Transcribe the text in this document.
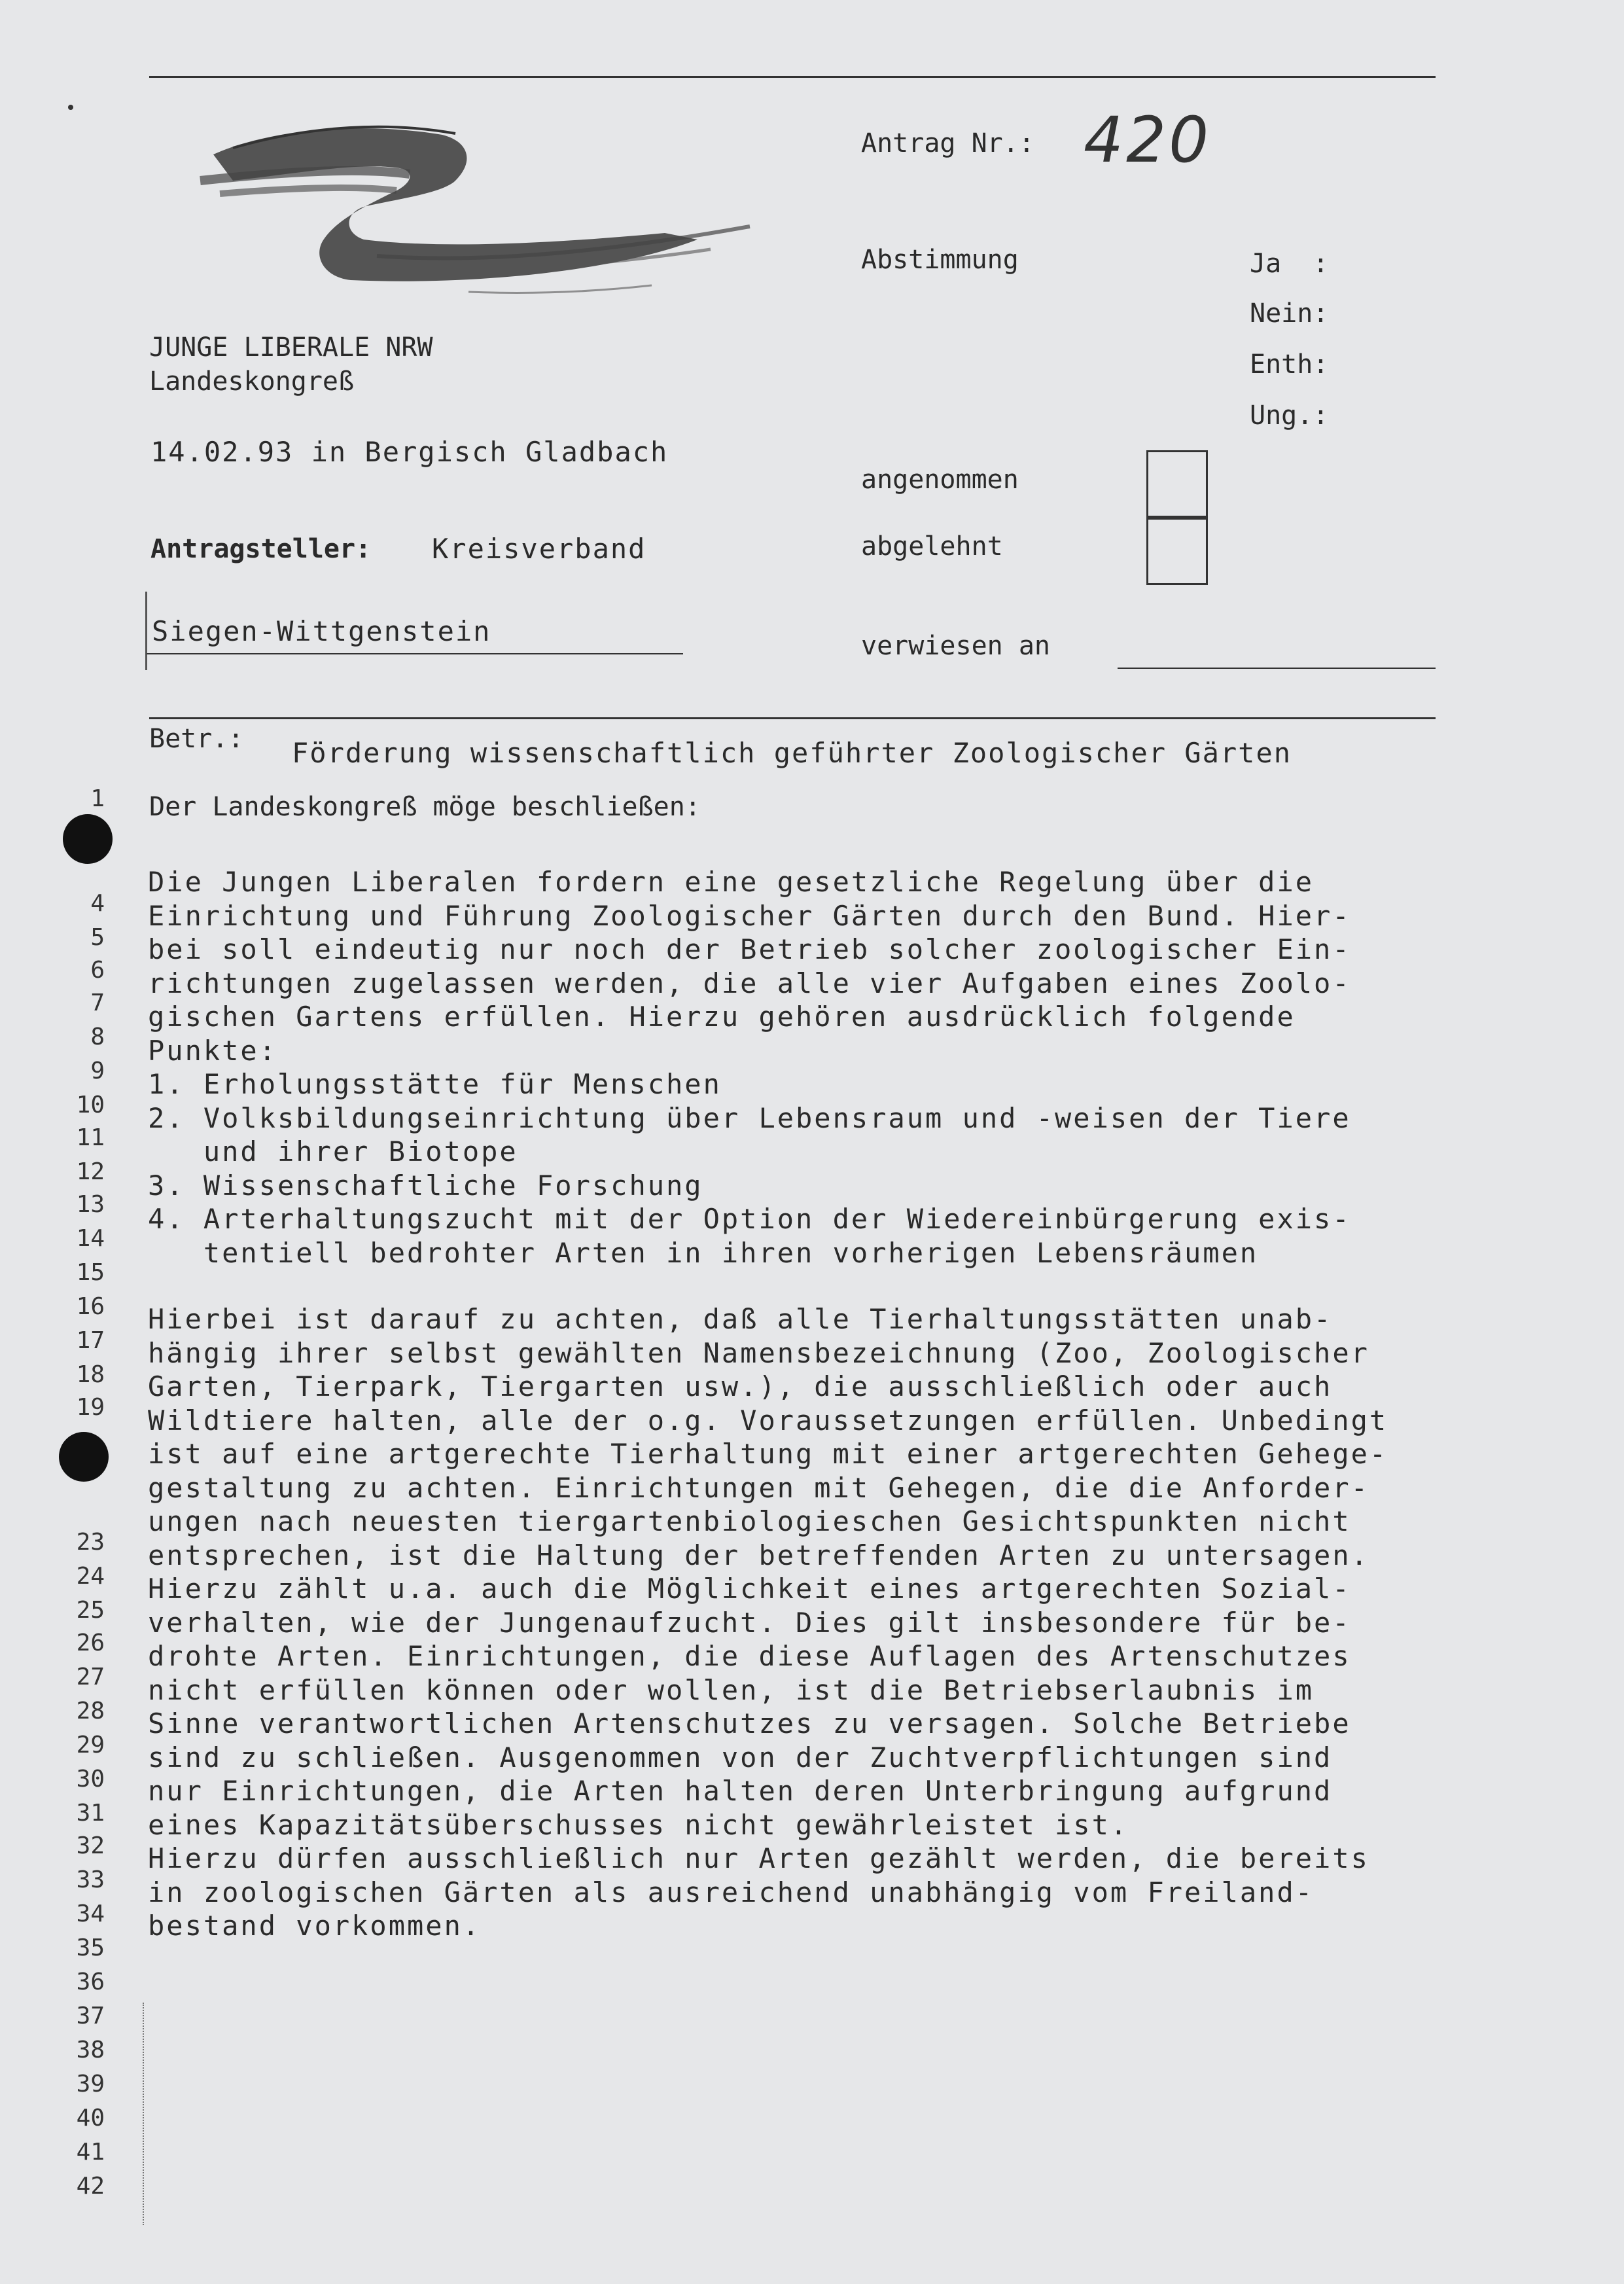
JUNGE LIBERALE NRW
Landeskongreß
14.02.93 in Bergisch Gladbach
Antragsteller: Kreisverband
Siegen-Wittgenstein
Antrag Nr.: 420
Abstimmung	Ja  :
Nein:
Enth:
Ung.:
angenommen
abgelehnt
verwiesen an
Betr.: Förderung wissenschaftlich geführter Zoologischer Gärten
Der Landeskongreß möge beschließen:
1
4
5
6
7
8
9
10
11
12
13
14
15
16
17
18
19
23
24
25
26
27
28
29
30
31
32
33
34
35
36
37
38
39
40
41
42
Die Jungen Liberalen fordern eine gesetzliche Regelung über die
Einrichtung und Führung Zoologischer Gärten durch den Bund. Hier-
bei soll eindeutig nur noch der Betrieb solcher zoologischer Ein-
richtungen zugelassen werden, die alle vier Aufgaben eines Zoolo-
gischen Gartens erfüllen. Hierzu gehören ausdrücklich folgende
Punkte:
1. Erholungsstätte für Menschen
2. Volksbildungseinrichtung über Lebensraum und -weisen der Tiere
und ihrer Biotope
3. Wissenschaftliche Forschung
4. Arterhaltungszucht mit der Option der Wiedereinbürgerung exis-
tentiell bedrohter Arten in ihren vorherigen Lebensräumen
Hierbei ist darauf zu achten, daß alle Tierhaltungsstätten unab-
hängig ihrer selbst gewählten Namensbezeichnung (Zoo, Zoologischer
Garten, Tierpark, Tiergarten usw.), die ausschließlich oder auch
Wildtiere halten, alle der o.g. Voraussetzungen erfüllen. Unbedingt
ist auf eine artgerechte Tierhaltung mit einer artgerechten Gehege-
gestaltung zu achten. Einrichtungen mit Gehegen, die die Anforder-
ungen nach neuesten tiergartenbiologieschen Gesichtspunkten nicht
entsprechen, ist die Haltung der betreffenden Arten zu untersagen.
Hierzu zählt u.a. auch die Möglichkeit eines artgerechten Sozial-
verhalten, wie der Jungenaufzucht. Dies gilt insbesondere für be-
drohte Arten. Einrichtungen, die diese Auflagen des Artenschutzes
nicht erfüllen können oder wollen, ist die Betriebserlaubnis im
Sinne verantwortlichen Artenschutzes zu versagen. Solche Betriebe
sind zu schließen. Ausgenommen von der Zuchtverpflichtungen sind
nur Einrichtungen, die Arten halten deren Unterbringung aufgrund
eines Kapazitätsüberschusses nicht gewährleistet ist.
Hierzu dürfen ausschließlich nur Arten gezählt werden, die bereits
in zoologischen Gärten als ausreichend unabhängig vom Freiland-
bestand vorkommen.
